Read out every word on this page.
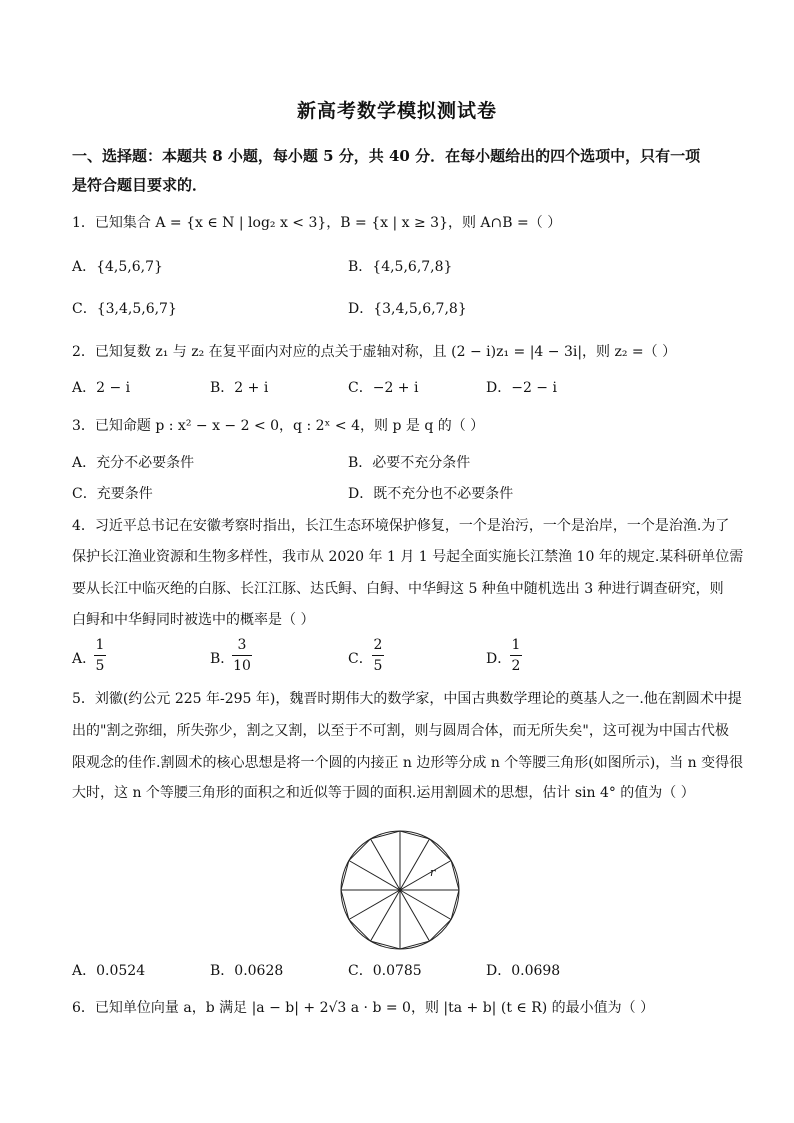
新高考数学模拟测试卷
一、选择题：本题共 8 小题，每小题 5 分，共 40 分．在每小题给出的四个选项中，只有一项
是符合题目要求的．
1．已知集合 A = {x ∈ N | log₂ x < 3}，B = {x | x ≥ 3}，则 A∩B =（ ）
A．{4,5,6,7}	B．{4,5,6,7,8}
C．{3,4,5,6,7}	D．{3,4,5,6,7,8}
2．已知复数 z₁ 与 z₂ 在复平面内对应的点关于虚轴对称，且 (2 − i)z₁ = |4 − 3i|，则 z₂ =（ ）
A．2 − i	B．2 + i	C．−2 + i	D．−2 − i
3．已知命题 p : x² − x − 2 < 0，q : 2ˣ < 4，则 p 是 q 的（ ）
A．充分不必要条件	B．必要不充分条件
C．充要条件	D．既不充分也不必要条件
4．习近平总书记在安徽考察时指出，长江生态环境保护修复，一个是治污，一个是治岸，一个是治渔.为了
保护长江渔业资源和生物多样性，我市从 2020 年 1 月 1 号起全面实施长江禁渔 10 年的规定.某科研单位需
要从长江中临灭绝的白豚、长江江豚、达氏鲟、白鲟、中华鲟这 5 种鱼中随机选出 3 种进行调查研究，则
白鲟和中华鲟同时被选中的概率是（ ）
A．
1
5	B．
3
10	C．
2
5	D．
1
2
5．刘徽(约公元 225 年-295 年)，魏晋时期伟大的数学家，中国古典数学理论的奠基人之一.他在割圆术中提
出的"割之弥细，所失弥少，割之又割，以至于不可割，则与圆周合体，而无所失矣"，这可视为中国古代极
限观念的佳作.割圆术的核心思想是将一个圆的内接正 n 边形等分成 n 个等腰三角形(如图所示)，当 n 变得很
大时，这 n 个等腰三角形的面积之和近似等于圆的面积.运用割圆术的思想，估计 sin 4° 的值为（ ）
r
A．0.0524	B．0.0628	C．0.0785	D．0.0698
6．已知单位向量 a，b 满足 |a − b| + 2√3 a · b = 0，则 |ta + b| (t ∈ R) 的最小值为（ ）
